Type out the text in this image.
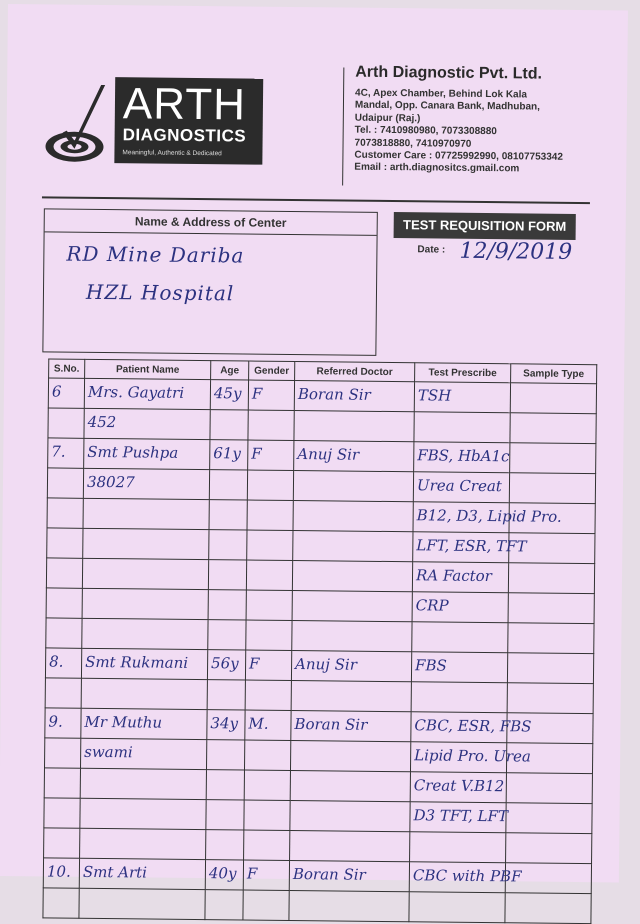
ARTH
DIAGNOSTICS
Meaningful, Authentic & Dedicated
Arth Diagnostic Pvt. Ltd.
4C, Apex Chamber, Behind Lok Kala
Mandal, Opp. Canara Bank, Madhuban,
Udaipur (Raj.)
Tel. : 7410980980, 7073308880
7073818880, 7410970970
Customer Care : 07725992990, 08107753342
Email : arth.diagnositcs.gmail.com
Name & Address of Center
RD Mine Dariba
HZL Hospital
TEST REQUISITION FORM
Date : 12/9/2019
S.No.	Patient Name	Age	Gender	Referred Doctor	Test Prescribe	Sample Type

6	Mrs. Gayatri	45y	F	Boran Sir	TSH	

	452					

7.	Smt Pushpa	61y	F	Anuj Sir	FBS, HbA1c	

	38027				Urea Creat	

					B12, D3, Lipid Pro.	

					LFT, ESR, TFT	

					RA Factor	

					CRP	

8.	Smt Rukmani	56y	F	Anuj Sir	FBS	

9.	Mr Muthu	34y	M.	Boran Sir	CBC, ESR, FBS	

	swami				Lipid Pro. Urea	

					Creat V.B12	

					D3 TFT, LFT	

10.	Smt Arti	40y	F	Boran Sir	CBC with PBF	
